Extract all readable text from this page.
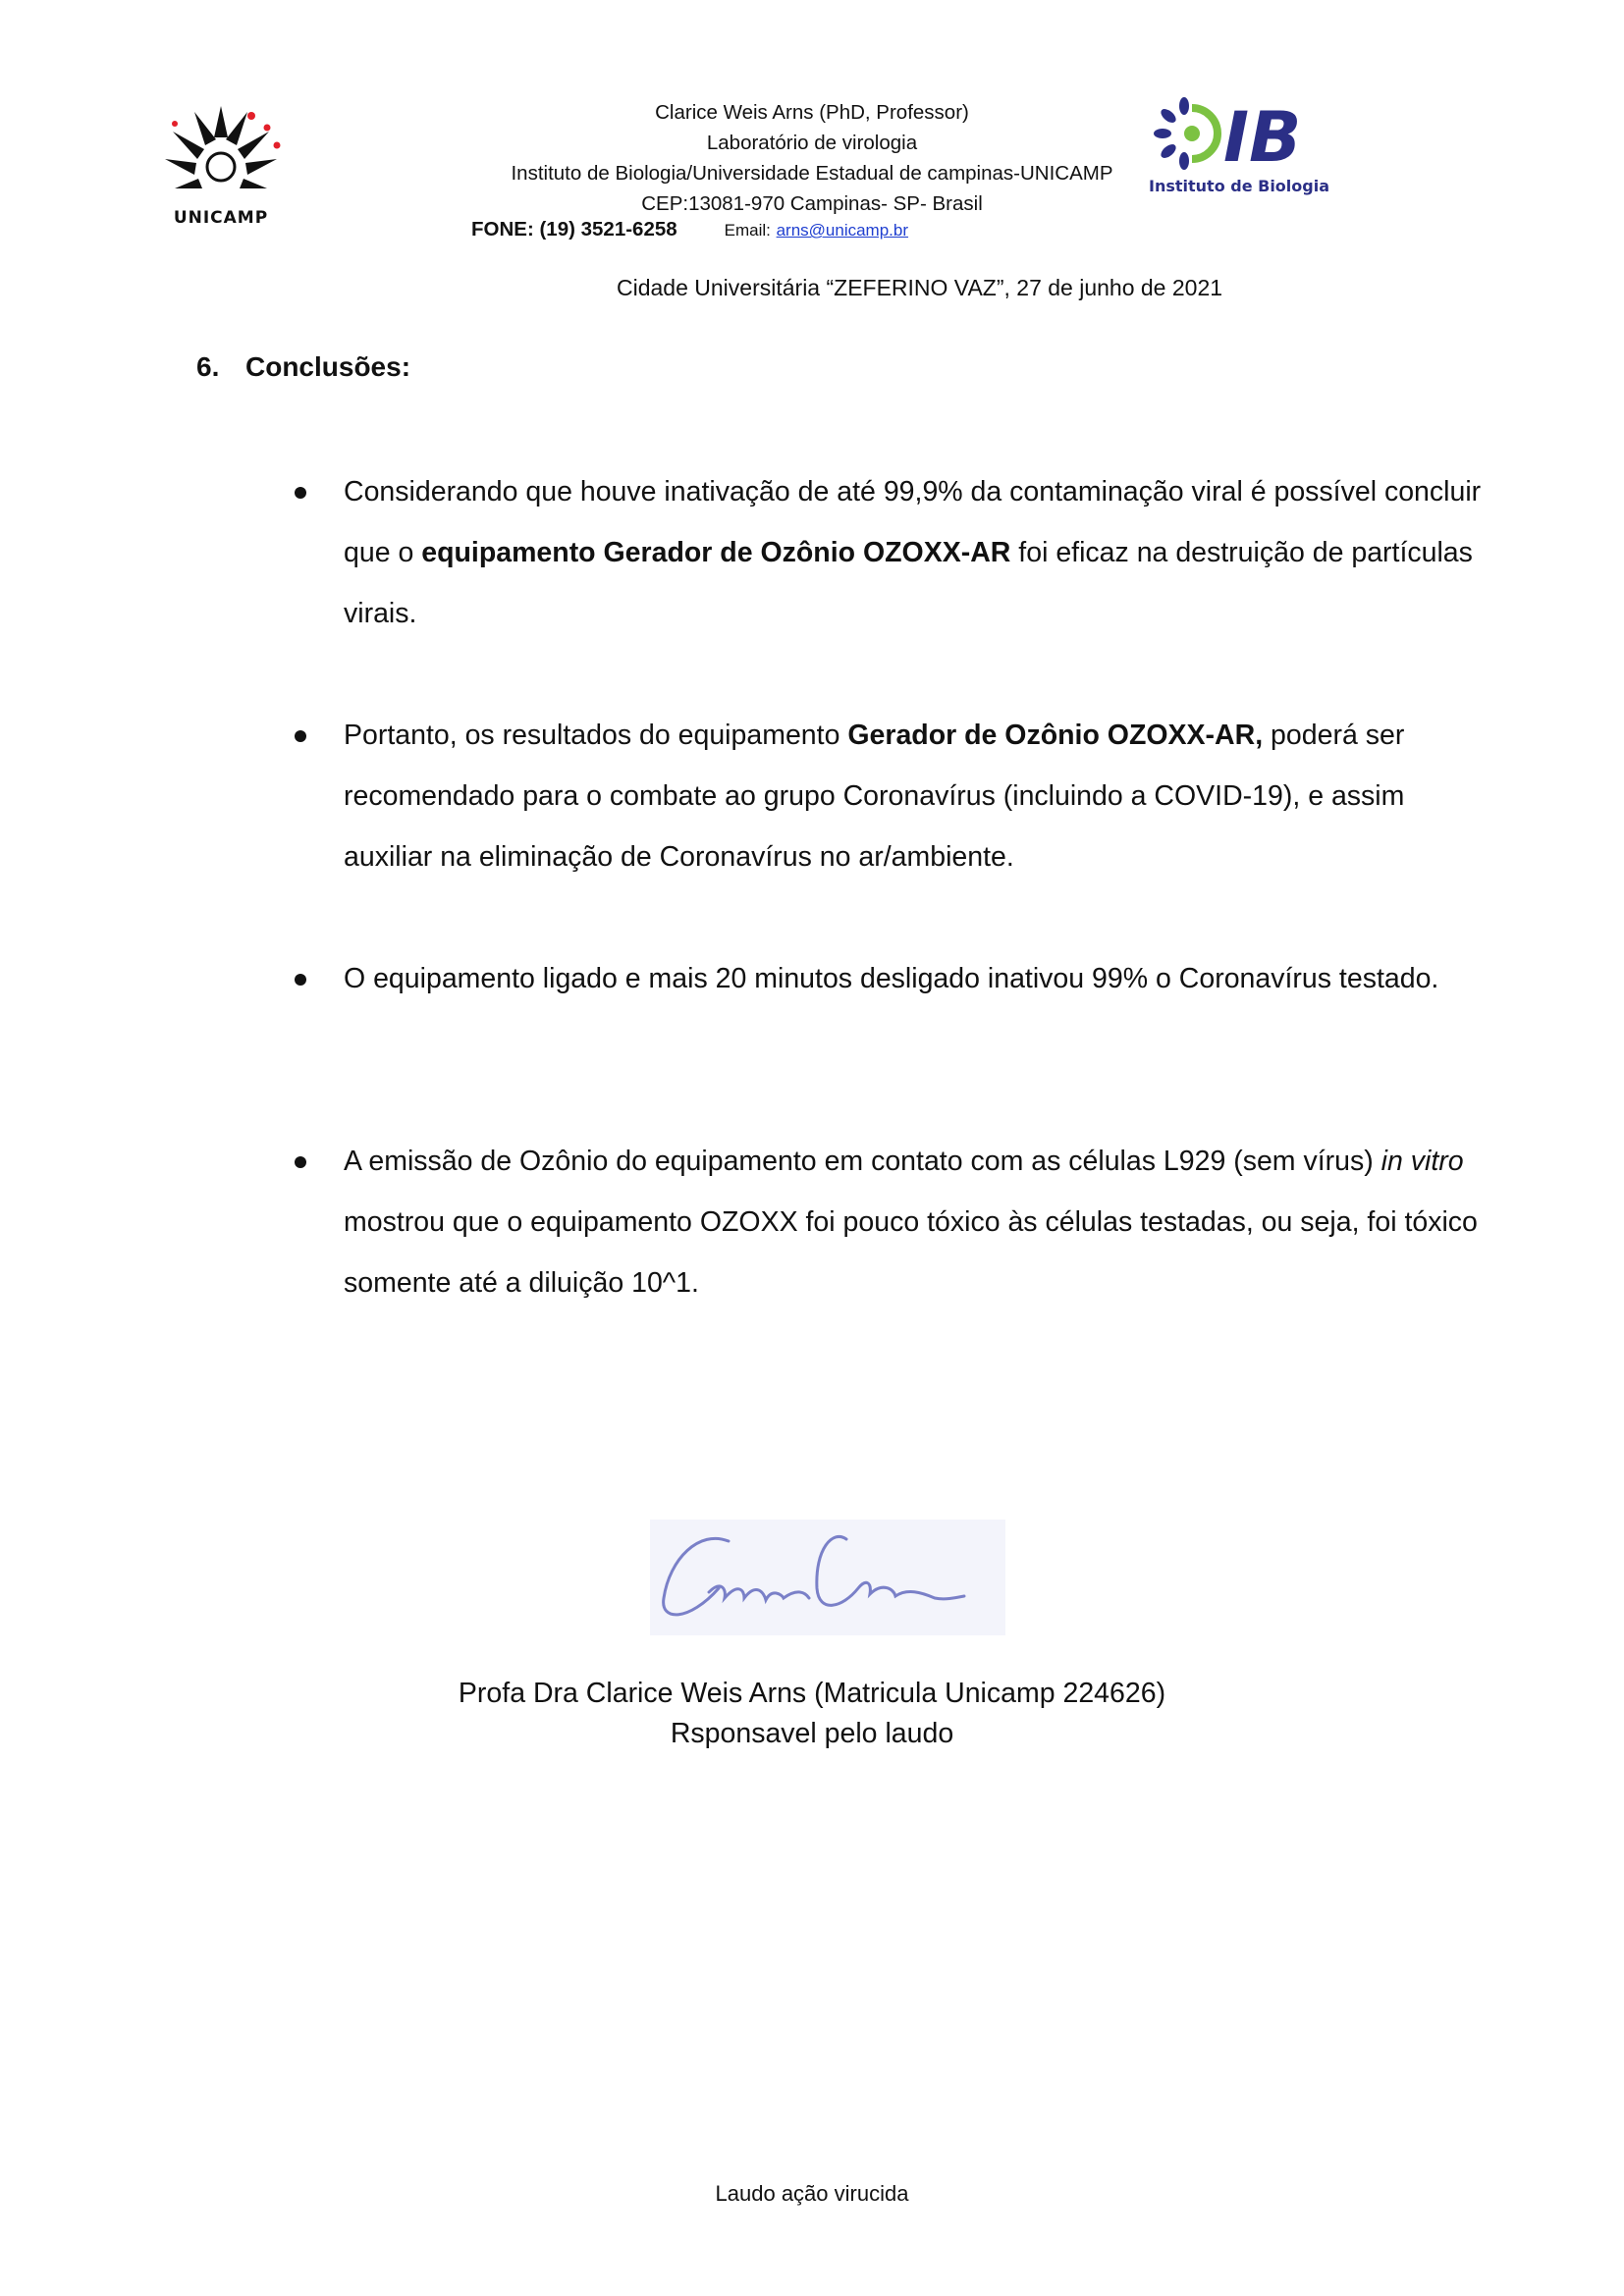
UNICAMP
IB
Instituto de Biologia
Clarice Weis Arns (PhD, Professor)
Laboratório de virologia
Instituto de Biologia/Universidade Estadual de campinas-UNICAMP
CEP:13081-970 Campinas- SP- Brasil
FONE: (19) 3521-6258	Email: arns@unicamp.br
Cidade Universitária “ZEFERINO VAZ”, 27 de junho de 2021
6. Conclusões:
Considerando que houve inativação de até 99,9% da contaminação viral é possível concluir que o equipamento Gerador de Ozônio OZOXX-AR foi eficaz na destruição de partículas virais.
Portanto, os resultados do equipamento Gerador de Ozônio OZOXX-AR, poderá ser recomendado para o combate ao grupo Coronavírus (incluindo a COVID-19), e assim auxiliar na eliminação de Coronavírus no ar/ambiente.
O equipamento ligado e mais 20 minutos desligado inativou 99% o Coronavírus testado.
A emissão de Ozônio do equipamento em contato com as células L929 (sem vírus) in vitro mostrou que o equipamento OZOXX foi pouco tóxico às células testadas, ou seja, foi tóxico somente até a diluição 10^1.
Profa Dra Clarice Weis Arns (Matricula Unicamp 224626)
Rsponsavel pelo laudo
Laudo ação virucida
